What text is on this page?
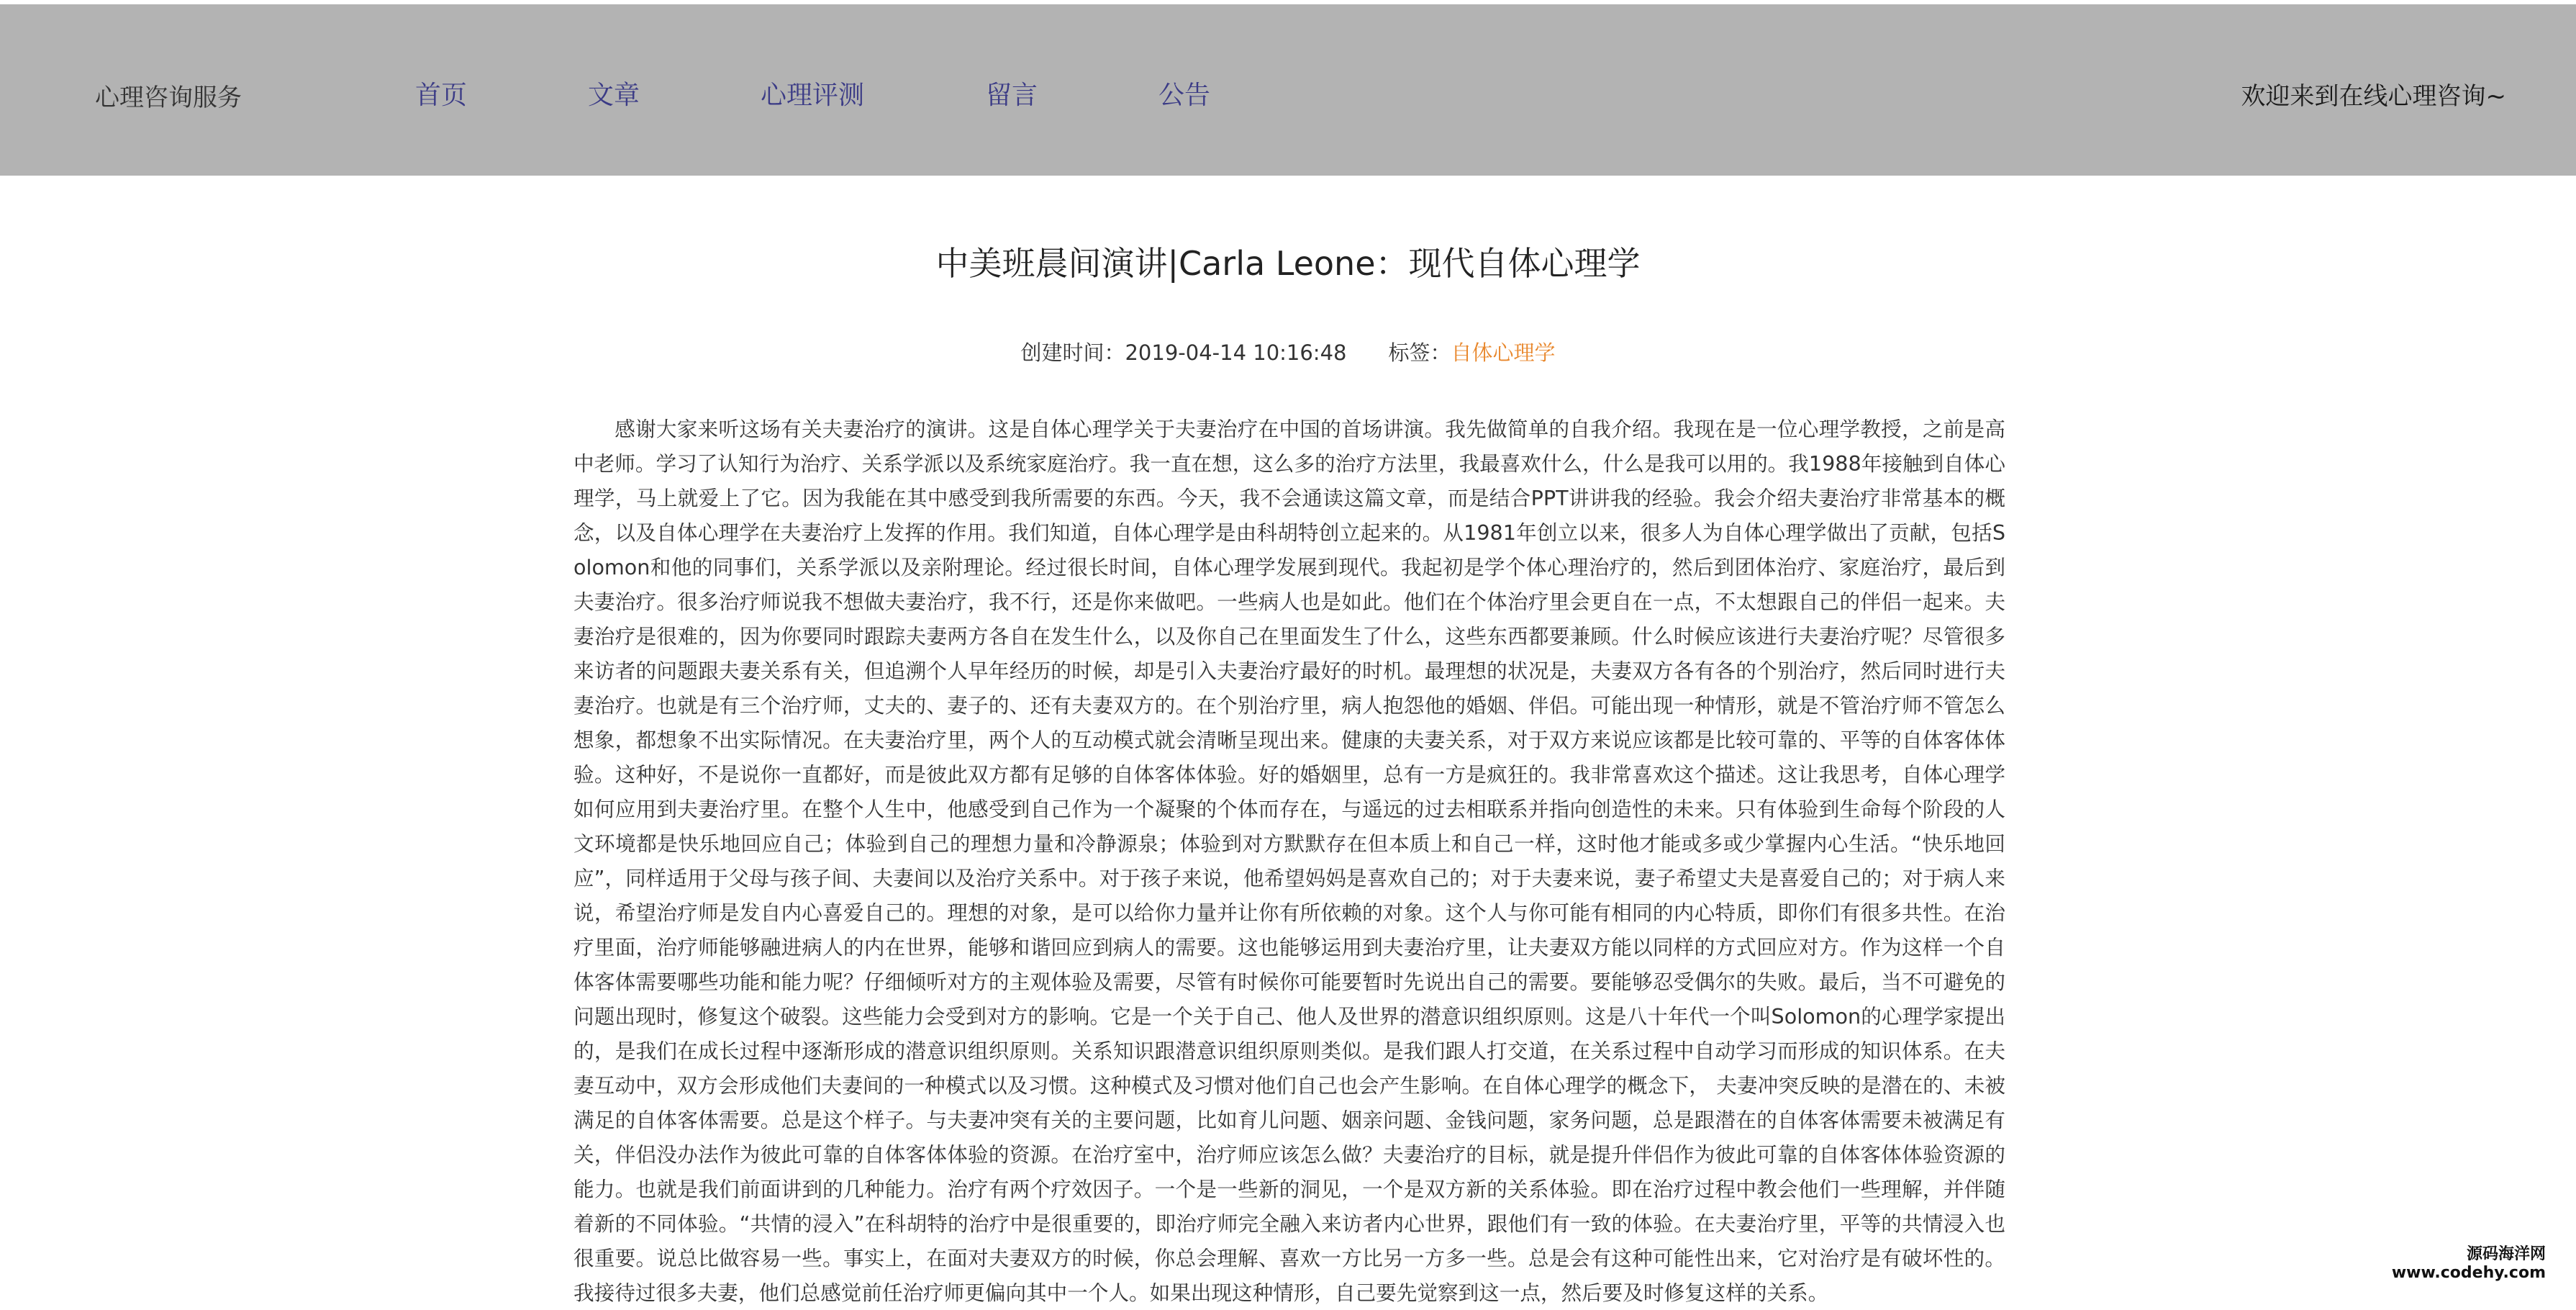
心理咨询服务	首页	文章	心理评测	留言	公告	欢迎来到在线心理咨询~
中美班晨间演讲|Carla Leone：现代自体心理学
创建时间：2019-04-14 10:16:48 标签：自体心理学
感谢大家来听这场有关夫妻治疗的演讲。这是自体心理学关于夫妻治疗在中国的首场讲演。我先做简单的自我介绍。我现在是一位心理学教授，之前是高中老师。学习了认知行为治疗、关系学派以及系统家庭治疗。我一直在想，这么多的治疗方法里，我最喜欢什么，什么是我可以用的。我1988年接触到自体心理学，马上就爱上了它。因为我能在其中感受到我所需要的东西。今天，我不会通读这篇文章，而是结合PPT讲讲我的经验。我会介绍夫妻治疗非常基本的概念，以及自体心理学在夫妻治疗上发挥的作用。我们知道，自体心理学是由科胡特创立起来的。从1981年创立以来，很多人为自体心理学做出了贡献，包括Solomon和他的同事们，关系学派以及亲附理论。经过很长时间，自体心理学发展到现代。我起初是学个体心理治疗的，然后到团体治疗、家庭治疗，最后到夫妻治疗。很多治疗师说我不想做夫妻治疗，我不行，还是你来做吧。一些病人也是如此。他们在个体治疗里会更自在一点，不太想跟自己的伴侣一起来。夫妻治疗是很难的，因为你要同时跟踪夫妻两方各自在发生什么，以及你自己在里面发生了什么，这些东西都要兼顾。什么时候应该进行夫妻治疗呢？尽管很多来访者的问题跟夫妻关系有关，但追溯个人早年经历的时候，却是引入夫妻治疗最好的时机。最理想的状况是，夫妻双方各有各的个别治疗，然后同时进行夫妻治疗。也就是有三个治疗师，丈夫的、妻子的、还有夫妻双方的。在个别治疗里，病人抱怨他的婚姻、伴侣。可能出现一种情形，就是不管治疗师不管怎么想象，都想象不出实际情况。在夫妻治疗里，两个人的互动模式就会清晰呈现出来。健康的夫妻关系，对于双方来说应该都是比较可靠的、平等的自体客体体验。这种好，不是说你一直都好，而是彼此双方都有足够的自体客体体验。好的婚姻里，总有一方是疯狂的。我非常喜欢这个描述。这让我思考，自体心理学如何应用到夫妻治疗里。在整个人生中，他感受到自己作为一个凝聚的个体而存在，与遥远的过去相联系并指向创造性的未来。只有体验到生命每个阶段的人文环境都是快乐地回应自己；体验到自己的理想力量和冷静源泉；体验到对方默默存在但本质上和自己一样，这时他才能或多或少掌握内心生活。“快乐地回应”，同样适用于父母与孩子间、夫妻间以及治疗关系中。对于孩子来说，他希望妈妈是喜欢自己的；对于夫妻来说，妻子希望丈夫是喜爱自己的；对于病人来说，希望治疗师是发自内心喜爱自己的。理想的对象，是可以给你力量并让你有所依赖的对象。这个人与你可能有相同的内心特质，即你们有很多共性。在治疗里面，治疗师能够融进病人的内在世界，能够和谐回应到病人的需要。这也能够运用到夫妻治疗里，让夫妻双方能以同样的方式回应对方。作为这样一个自体客体需要哪些功能和能力呢？仔细倾听对方的主观体验及需要，尽管有时候你可能要暂时先说出自己的需要。要能够忍受偶尔的失败。最后，当不可避免的问题出现时，修复这个破裂。这些能力会受到对方的影响。它是一个关于自己、他人及世界的潜意识组织原则。这是八十年代一个叫Solomon的心理学家提出的，是我们在成长过程中逐渐形成的潜意识组织原则。关系知识跟潜意识组织原则类似。是我们跟人打交道，在关系过程中自动学习而形成的知识体系。在夫妻互动中，双方会形成他们夫妻间的一种模式以及习惯。这种模式及习惯对他们自己也会产生影响。在自体心理学的概念下， 夫妻冲突反映的是潜在的、未被满足的自体客体需要。总是这个样子。与夫妻冲突有关的主要问题，比如育儿问题、姻亲问题、金钱问题，家务问题，总是跟潜在的自体客体需要未被满足有关，伴侣没办法作为彼此可靠的自体客体体验的资源。在治疗室中，治疗师应该怎么做？夫妻治疗的目标，就是提升伴侣作为彼此可靠的自体客体体验资源的能力。也就是我们前面讲到的几种能力。治疗有两个疗效因子。一个是一些新的洞见，一个是双方新的关系体验。即在治疗过程中教会他们一些理解，并伴随着新的不同体验。“共情的浸入”在科胡特的治疗中是很重要的，即治疗师完全融入来访者内心世界，跟他们有一致的体验。在夫妻治疗里，平等的共情浸入也很重要。说总比做容易一些。事实上，在面对夫妻双方的时候，你总会理解、喜欢一方比另一方多一些。总是会有这种可能性出来，它对治疗是有破坏性的。我接待过很多夫妻，他们总感觉前任治疗师更偏向其中一个人。如果出现这种情形，自己要先觉察到这一点，然后要及时修复这样的关系。
源码海洋网
www.codehy.com
